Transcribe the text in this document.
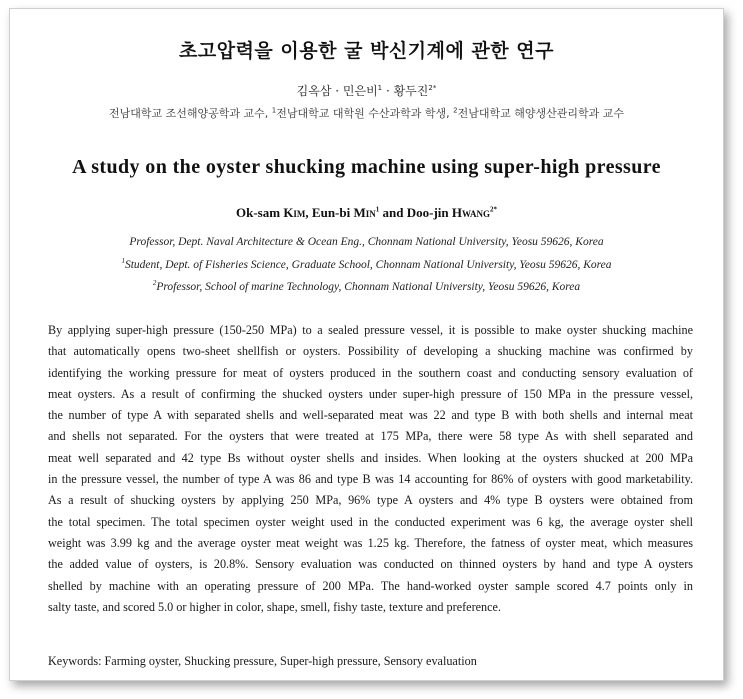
초고압력을 이용한 굴 박신기계에 관한 연구
김옥삼 · 민은비$^1$ · 황두진$^{2*}$
전남대학교 조선해양공학과 교수, $^1$전남대학교 대학원 수산과학과 학생, $^2$전남대학교 해양생산관리학과 교수
A study on the oyster shucking machine using super-high pressure
Ok-sam Kim, Eun-bi Min$^1$ and Doo-jin Hwang$^{2*}$
Professor, Dept. Naval Architecture & Ocean Eng., Chonnam National University, Yeosu 59626, Korea
$^1$Student, Dept. of Fisheries Science, Graduate School, Chonnam National University, Yeosu 59626, Korea
$^2$Professor, School of marine Technology, Chonnam National University, Yeosu 59626, Korea
By applying super-high pressure (150-250 MPa) to a sealed pressure vessel, it is possible to make oyster shucking machine
that automatically opens two-sheet shellfish or oysters. Possibility of developing a shucking machine was confirmed by
identifying the working pressure for meat of oysters produced in the southern coast and conducting sensory evaluation of
meat oysters. As a result of confirming the shucked oysters under super-high pressure of 150 MPa in the pressure vessel,
the number of type A with separated shells and well-separated meat was 22 and type B with both shells and internal meat
and shells not separated. For the oysters that were treated at 175 MPa, there were 58 type As with shell separated and
meat well separated and 42 type Bs without oyster shells and insides. When looking at the oysters shucked at 200 MPa
in the pressure vessel, the number of type A was 86 and type B was 14 accounting for 86% of oysters with good marketability.
As a result of shucking oysters by applying 250 MPa, 96% type A oysters and 4% type B oysters were obtained from
the total specimen. The total specimen oyster weight used in the conducted experiment was 6 kg, the average oyster shell
weight was 3.99 kg and the average oyster meat weight was 1.25 kg. Therefore, the fatness of oyster meat, which measures
the added value of oysters, is 20.8%. Sensory evaluation was conducted on thinned oysters by hand and type A oysters
shelled by machine with an operating pressure of 200 MPa. The hand-worked oyster sample scored 4.7 points only in
salty taste, and scored 5.0 or higher in color, shape, smell, fishy taste, texture and preference.
Keywords: Farming oyster, Shucking pressure, Super-high pressure, Sensory evaluation
